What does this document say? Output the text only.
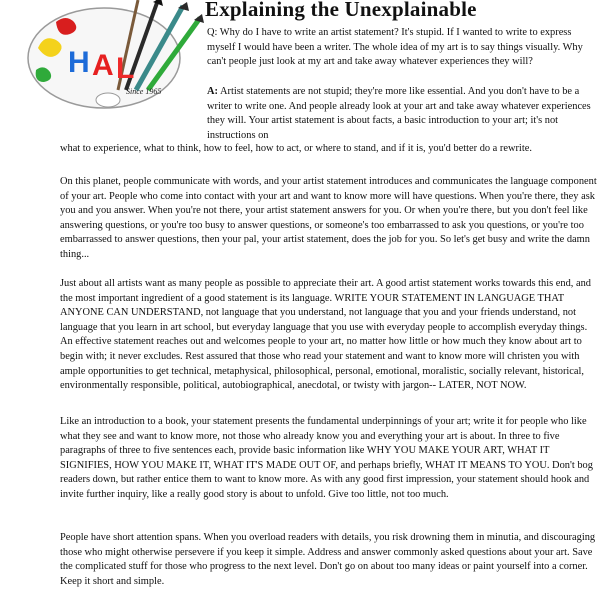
H A L
Since 1965
Explaining the Unexplainable

Q: Why do I have to write an artist statement? It's stupid. If I wanted to write to express myself I would have been a writer. The whole idea of my art is to say things visually. Why can't people just look at my art and take away whatever experiences they will?

A: Artist statements are not stupid; they're more like essential. And you don't have to be a writer to write one. And people already look at your art and take away whatever experiences they will. Your artist statement is about facts, a basic introduction to your art; it's not instructions on

what to experience, what to think, how to feel, how to act, or where to stand, and if it is, you'd better do a rewrite.

On this planet, people communicate with words, and your artist statement introduces and communicates the language component of your art. People who come into contact with your art and want to know more will have questions. When you're there, they ask you and you answer. When you're not there, your artist statement answers for you. Or when you're there, but you don't feel like answering questions, or you're too busy to answer questions, or someone's too embarrassed to ask you questions, or you're too embarrassed to answer questions, then your pal, your artist statement, does the job for you. So let's get busy and write the damn thing...

Just about all artists want as many people as possible to appreciate their art. A good artist statement works towards this end, and the most important ingredient of a good statement is its language. WRITE YOUR STATEMENT IN LANGUAGE THAT ANYONE CAN UNDERSTAND, not language that you understand, not language that you and your friends understand, not language that you learn in art school, but everyday language that you use with everyday people to accomplish everyday things. An effective statement reaches out and welcomes people to your art, no matter how little or how much they know about art to begin with; it never excludes. Rest assured that those who read your statement and want to know more will christen you with ample opportunities to get technical, metaphysical, philosophical, personal, emotional, moralistic, socially relevant, historical, environmentally responsible, political, autobiographical, anecdotal, or twisty with jargon-- LATER, NOT NOW.

Like an introduction to a book, your statement presents the fundamental underpinnings of your art; write it for people who like what they see and want to know more, not those who already know you and everything your art is about. In three to five paragraphs of three to five sentences each, provide basic information like WHY YOU MAKE YOUR ART, WHAT IT SIGNIFIES, HOW YOU MAKE IT, WHAT IT'S MADE OUT OF, and perhaps briefly, WHAT IT MEANS TO YOU. Don't bog readers down, but rather entice them to want to know more. As with any good first impression, your statement should hook and invite further inquiry, like a really good story is about to unfold. Give too little, not too much.

People have short attention spans. When you overload readers with details, you risk drowning them in minutia, and discouraging those who might otherwise persevere if you keep it simple. Address and answer commonly asked questions about your art. Save the complicated stuff for those who progress to the next level. Don't go on about too many ideas or paint yourself into a corner. Keep it short and simple.
